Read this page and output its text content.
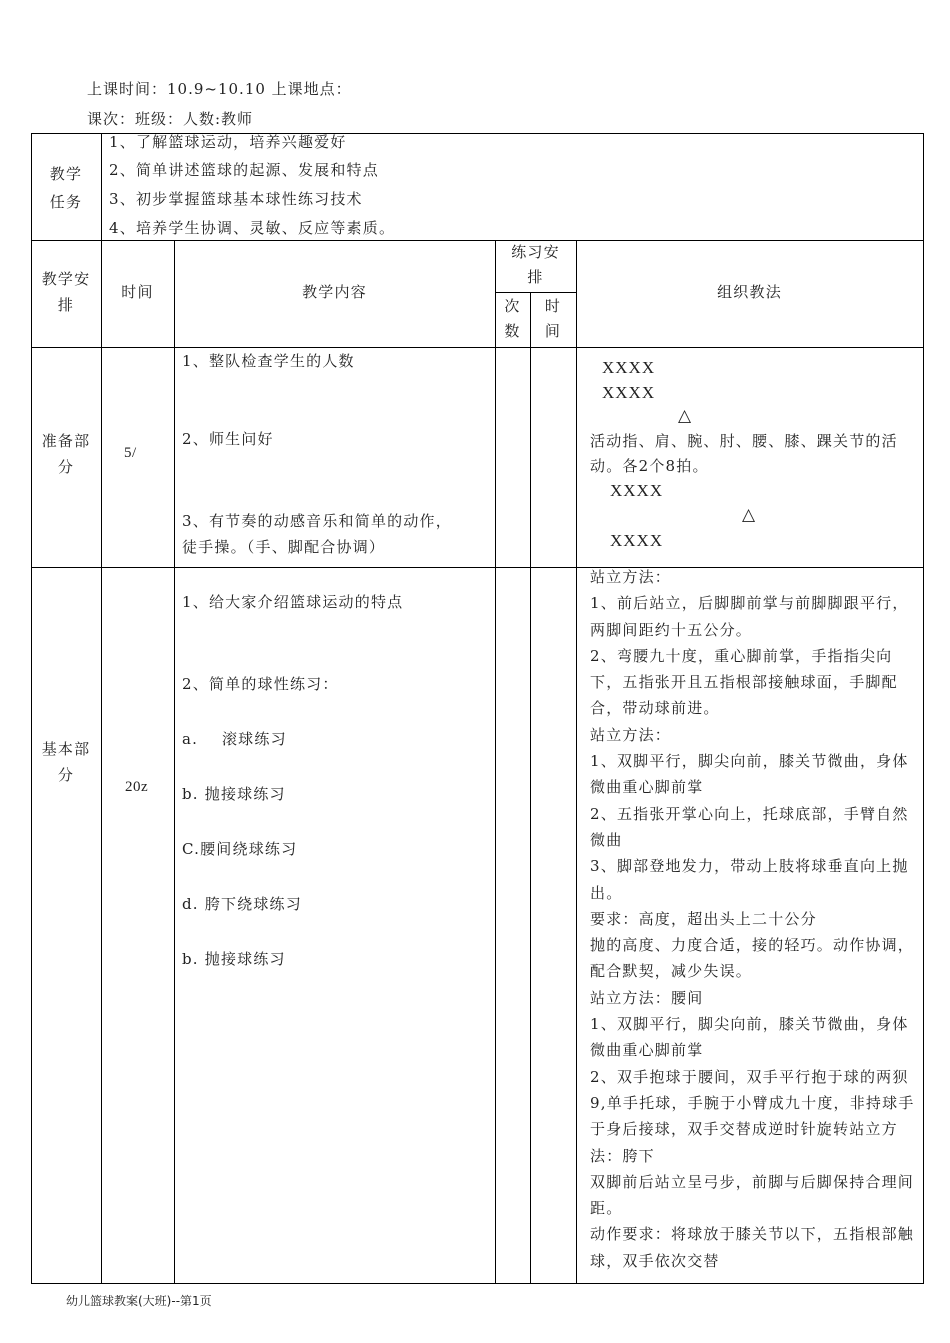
上课时间：10.9~10.10 上课地点：
课次：班级：人数:教师
教学
任务
1、了解篮球运动，培养兴趣爱好
2、简单讲述篮球的起源、发展和特点
3、初步掌握篮球基本球性练习技术
4、培养学生协调、灵敏、反应等素质。
教学安
排
时间	教学内容
练习安
排
次
数
时
间
组织教法
准备部
分
5/
1、整队检查学生的人数
2、师生问好
3、有节奏的动感音乐和简单的动作，
徒手操。（手、脚配合协调）
XXXX
XXXX
△
活动指、肩、腕、肘、腰、膝、踝关节的活动。各2个8拍。
XXXX
△
XXXX
基本部
分
20z
1、给大家介绍篮球运动的特点
2、简单的球性练习：
a.    滚球练习
b. 抛接球练习
C.腰间绕球练习
d. 胯下绕球练习
b. 抛接球练习
站立方法：
1、前后站立，后脚脚前掌与前脚脚跟平行，两脚间距约十五公分。
2、弯腰九十度，重心脚前掌，手指指尖向下，五指张开且五指根部接触球面，手脚配合，带动球前进。
站立方法：
1、双脚平行，脚尖向前，膝关节微曲，身体微曲重心脚前掌
2、五指张开掌心向上，托球底部，手臂自然微曲
3、脚部登地发力，带动上肢将球垂直向上抛出。
要求：高度，超出头上二十公分
抛的高度、力度合适，接的轻巧。动作协调，配合默契，减少失误。
站立方法：腰间
1、双脚平行，脚尖向前，膝关节微曲，身体微曲重心脚前掌
2、双手抱球于腰间，双手平行抱于球的两狈9,单手托球，手腕于小臂成九十度，非持球手于身后接球，双手交替成逆时针旋转站立方法：胯下
双脚前后站立呈弓步，前脚与后脚保持合理间距。
动作要求：将球放于膝关节以下，五指根部触球，双手依次交替
幼儿篮球教案(大班)--第1页
